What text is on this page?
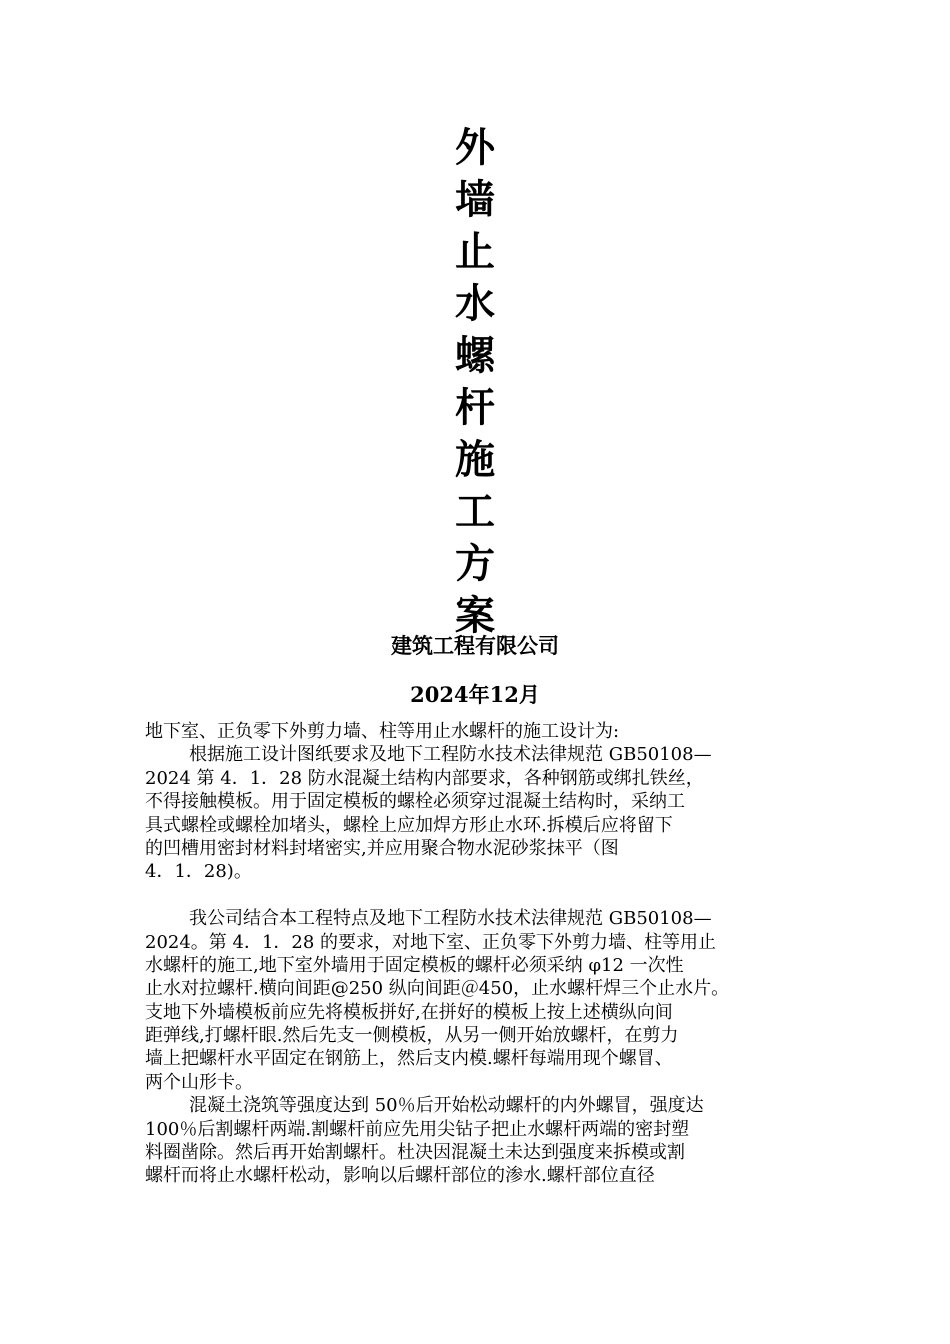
外
墙
止
水
螺
杆
施
工
方
案
建筑工程有限公司
2024年12月
地下室、正负零下外剪力墙、柱等用止水螺杆的施工设计为:
根据施工设计图纸要求及地下工程防水技术法律规范 GB50108—
2024 第 4．1．28 防水混凝土结构内部要求，各种钢筋或绑扎铁丝，
不得接触模板。用于固定模板的螺栓必须穿过混凝土结构时，采纳工
具式螺栓或螺栓加堵头，螺栓上应加焊方形止水环.拆模后应将留下
的凹槽用密封材料封堵密实,并应用聚合物水泥砂浆抹平（图
4．1．28)。
我公司结合本工程特点及地下工程防水技术法律规范 GB50108—
2024。第 4．1．28 的要求，对地下室、正负零下外剪力墙、柱等用止
水螺杆的施工,地下室外墙用于固定模板的螺杆必须采纳 φ12 一次性
止水对拉螺杆.横向间距@250 纵向间距＠450，止水螺杆焊三个止水片。
支地下外墙模板前应先将模板拼好,在拼好的模板上按上述横纵向间
距弹线,打螺杆眼.然后先支一侧模板，从另一侧开始放螺杆，在剪力
墙上把螺杆水平固定在钢筋上，然后支内模.螺杆每端用现个螺冒、
两个山形卡。
混凝土浇筑等强度达到 50％后开始松动螺杆的内外螺冒，强度达
100％后割螺杆两端.割螺杆前应先用尖钻子把止水螺杆两端的密封塑
料圈凿除。然后再开始割螺杆。杜决因混凝土未达到强度来拆模或割
螺杆而将止水螺杆松动，影响以后螺杆部位的渗水.螺杆部位直径
